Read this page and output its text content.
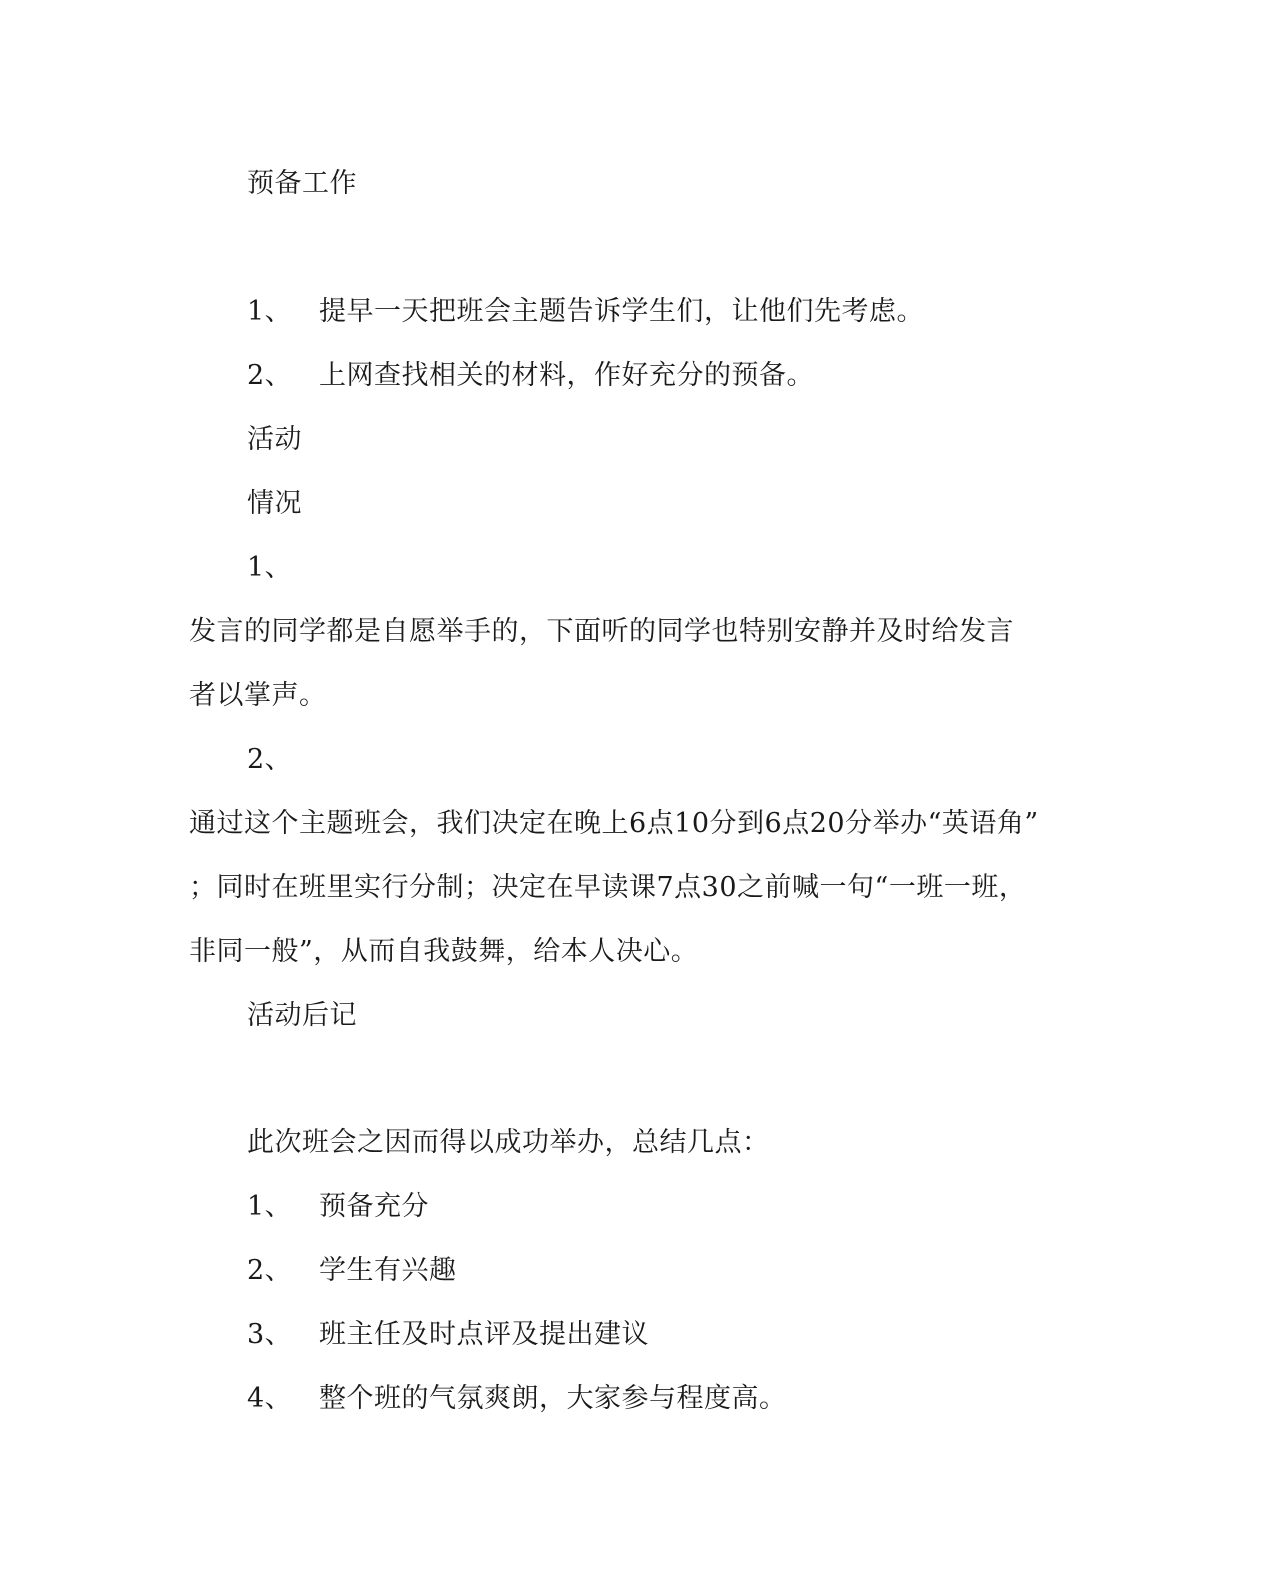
预备工作
1、 提早一天把班会主题告诉学生们，让他们先考虑。
2、 上网查找相关的材料，作好充分的预备。
活动
情况
1、
发言的同学都是自愿举手的，下面听的同学也特别安静并及时给发言
者以掌声。
2、
通过这个主题班会，我们决定在晚上6点10分到6点20分举办“英语角”
；同时在班里实行分制；决定在早读课7点30之前喊一句“一班一班，
非同一般”，从而自我鼓舞，给本人决心。
活动后记
此次班会之因而得以成功举办，总结几点：
1、 预备充分
2、 学生有兴趣
3、 班主任及时点评及提出建议
4、 整个班的气氛爽朗，大家参与程度高。
